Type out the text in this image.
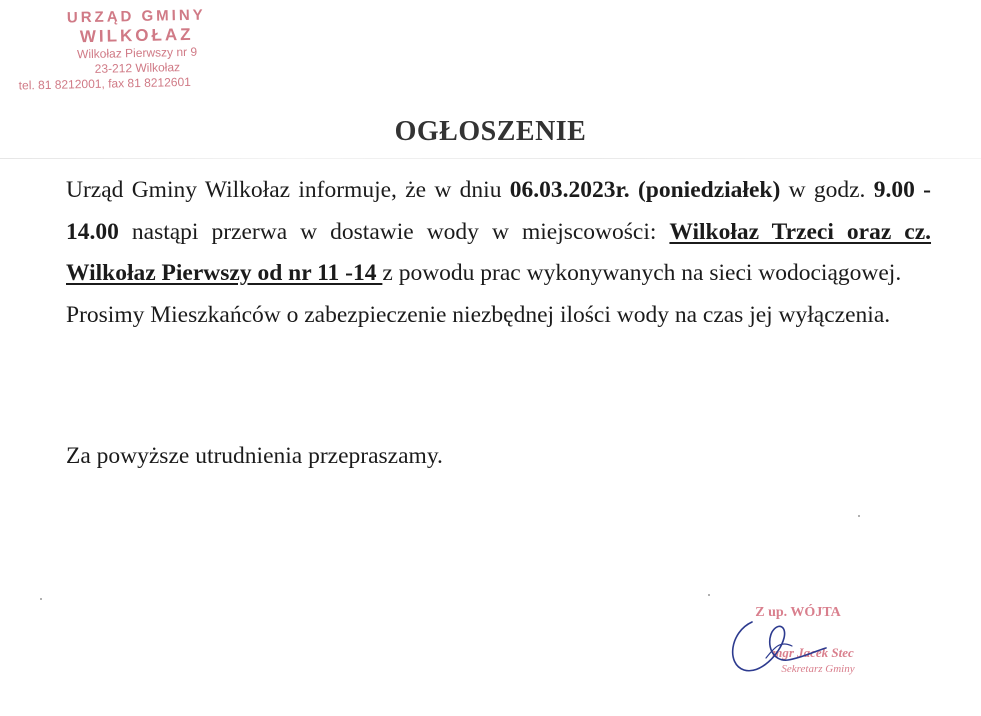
URZĄD GMINY
WILKOŁAZ
Wilkołaz Pierwszy nr 9
23-212 Wilkołaz
tel. 81 8212001, fax 81 8212601
OGŁOSZENIE

Urząd Gminy Wilkołaz informuje, że w dniu 06.03.2023r. (poniedziałek) w godz. 9.00 - 14.00 nastąpi przerwa w dostawie wody w miejscowości: Wilkołaz Trzeci oraz cz. Wilkołaz Pierwszy od nr 11 -14 z powodu prac wykonywanych na sieci wodociągowej.

Prosimy Mieszkańców o zabezpieczenie niezbędnej ilości wody na czas jej wyłączenia.

Za powyższe utrudnienia przepraszamy.
Z up. WÓJTA
mgr Jacek Stec
Sekretarz Gminy
